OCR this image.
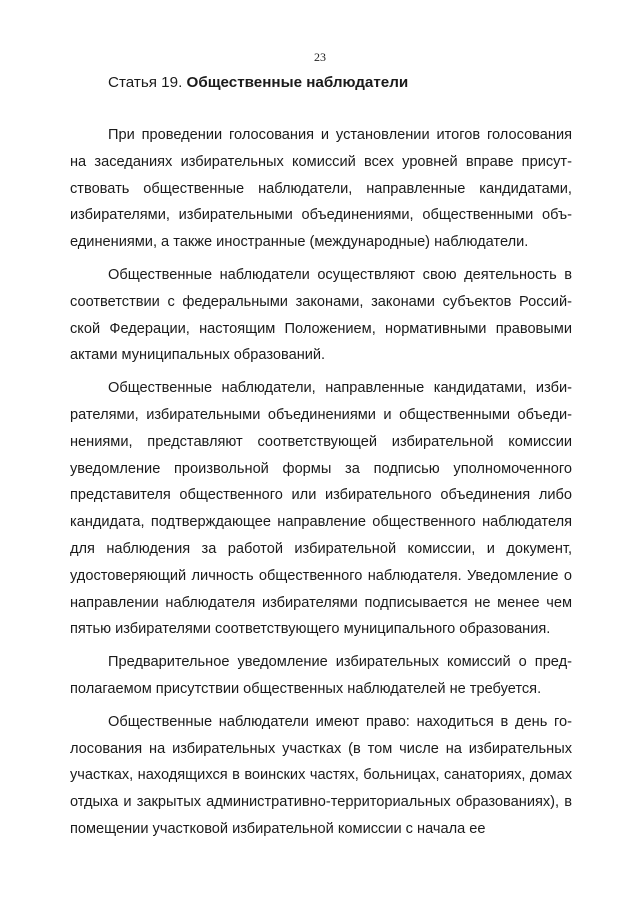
23
Статья 19. Общественные наблюдатели

При проведении голосования и установлении итогов голосования на заседаниях избирательных комиссий всех уровней вправе присутствовать общественные наблюдатели, направленные кандидатами, избирателями, избирательными объединениями, общественными объединениями, а также иностранные (международные) наблюдатели.

Общественные наблюдатели осуществляют свою деятельность в соответствии с федеральными законами, законами субъектов Российской Федерации, настоящим Положением, нормативными правовыми актами муниципальных образований.

Общественные наблюдатели, направленные кандидатами, избирателями, избирательными объединениями и общественными объединениями, представляют соответствующей избирательной комиссии уведомление произвольной формы за подписью уполномоченного представителя общественного или избирательного объединения либо кандидата, подтверждающее направление общественного наблюдателя для наблюдения за работой избирательной комиссии, и документ, удостоверяющий личность общественного наблюдателя. Уведомление о направлении наблюдателя избирателями подписывается не менее чем пятью избирателями соответствующего муниципального образования.

Предварительное уведомление избирательных комиссий о предполагаемом присутствии общественных наблюдателей не требуется.

Общественные наблюдатели имеют право: находиться в день голосования на избирательных участках (в том числе на избирательных участках, находящихся в воинских частях, больницах, санаториях, домах отдыха и закрытых административно-территориальных образованиях), в помещении участковой избирательной комиссии с начала ее
